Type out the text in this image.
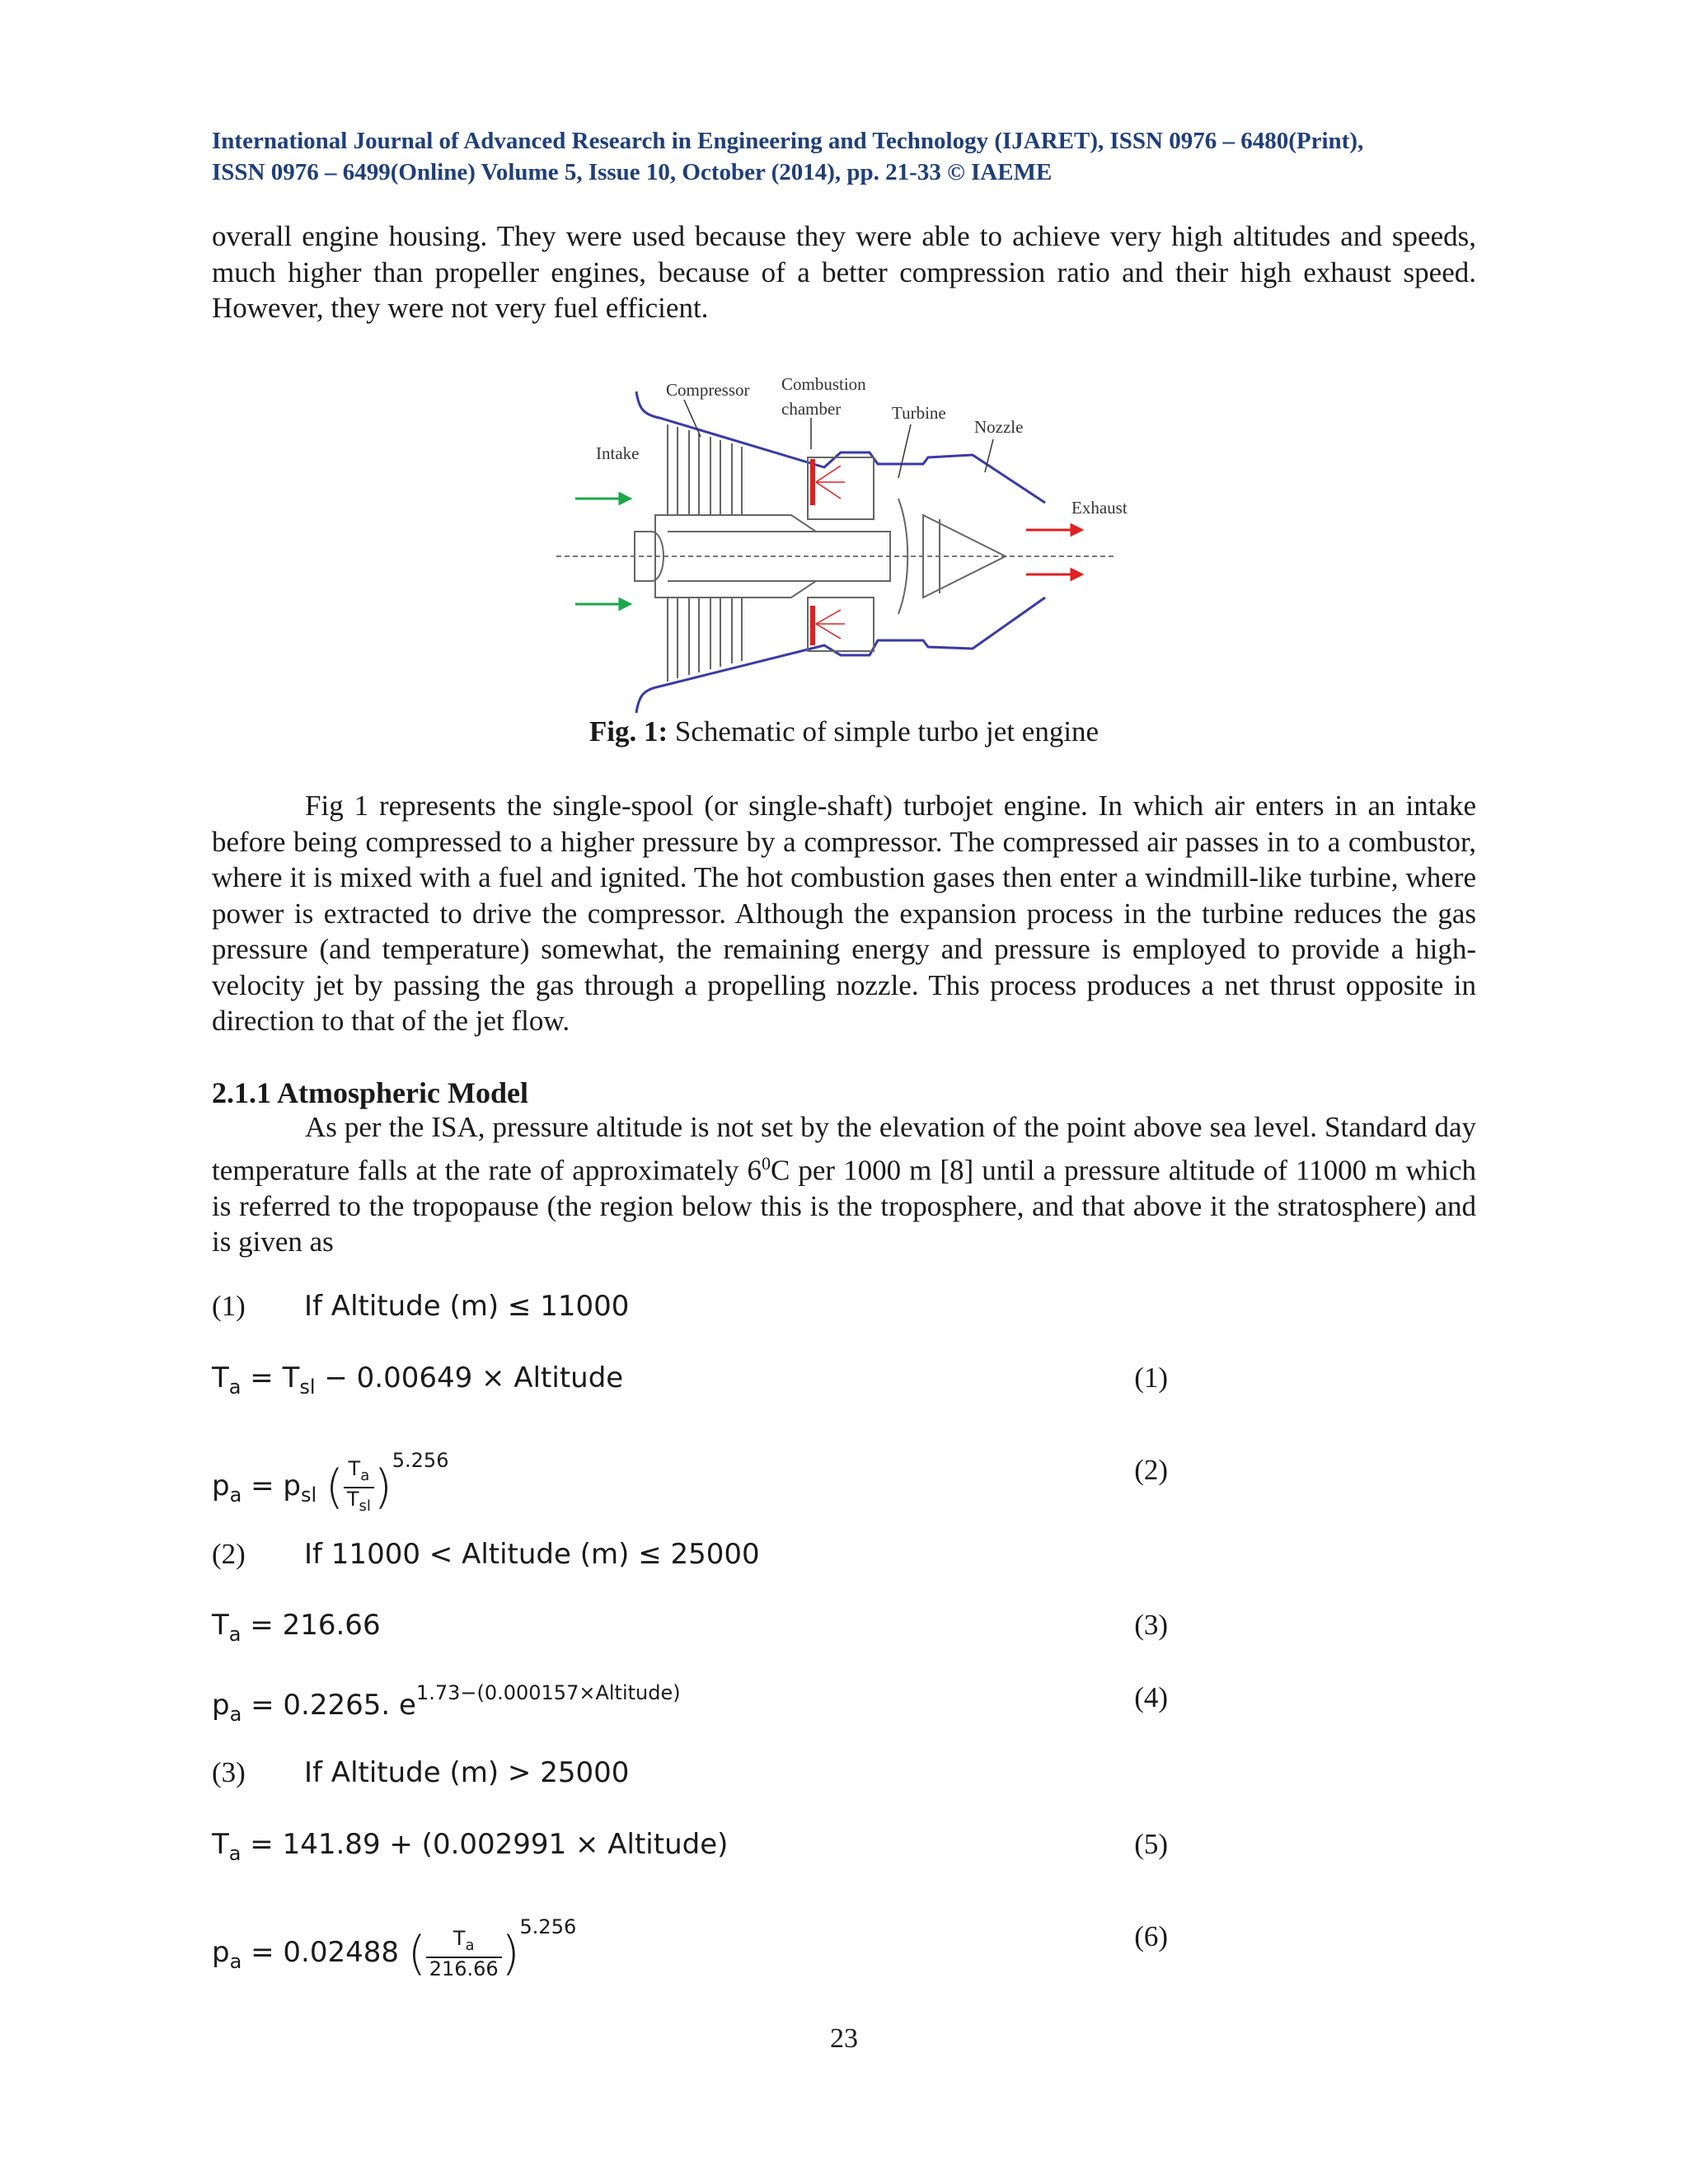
International Journal of Advanced Research in Engineering and Technology (IJARET), ISSN 0976 – 6480(Print),
ISSN 0976 – 6499(Online) Volume 5, Issue 10, October (2014), pp. 21-33 © IAEME
overall engine housing. They were used because they were able to achieve very high altitudes and speeds, much higher than propeller engines, because of a better compression ratio and their high exhaust speed. However, they were not very fuel efficient.
Compressor Combustion
chamber	Turbine
Nozzle
Intake
Exhaust
Fig. 1: Schematic of simple turbo jet engine
Fig 1 represents the single-spool (or single-shaft) turbojet engine. In which air enters in an intake before being compressed to a higher pressure by a compressor. The compressed air passes in to a combustor, where it is mixed with a fuel and ignited. The hot combustion gases then enter a windmill-like turbine, where power is extracted to drive the compressor. Although the expansion process in the turbine reduces the gas pressure (and temperature) somewhat, the remaining energy and pressure is employed to provide a high-velocity jet by passing the gas through a propelling nozzle. This process produces a net thrust opposite in direction to that of the jet flow.
2.1.1 Atmospheric Model
As per the ISA, pressure altitude is not set by the elevation of the point above sea level. Standard day temperature falls at the rate of approximately $6^0C$ per 1000 m [8] until a pressure altitude of 11000 m which is referred to the tropopause (the region below this is the troposphere, and that above it the stratosphere) and is given as
(1) If Altitude (m) ≤ 11000
$T_a = T_{sl} - 0.00649$ × Altitude	(1)
$p_a = p_{sl}$ ( $\frac{T_a}{T_{sl}} )^{5.256}$	(2)
(2) If 11000 < Altitude (m) ≤ 25000
$T_a = 216.66$	(3)
$p_a = 0.2265$. $e^{1.73-(0.000157\times Altitude)}$	(4)
(3) If Altitude (m) > 25000
$T_a = 141.89 + (0.002991$ × Altitude)	(5)
$p_a = 0.02488$ ( $\frac{T_a}{216.66} )^{5.256}$	(6)
23
